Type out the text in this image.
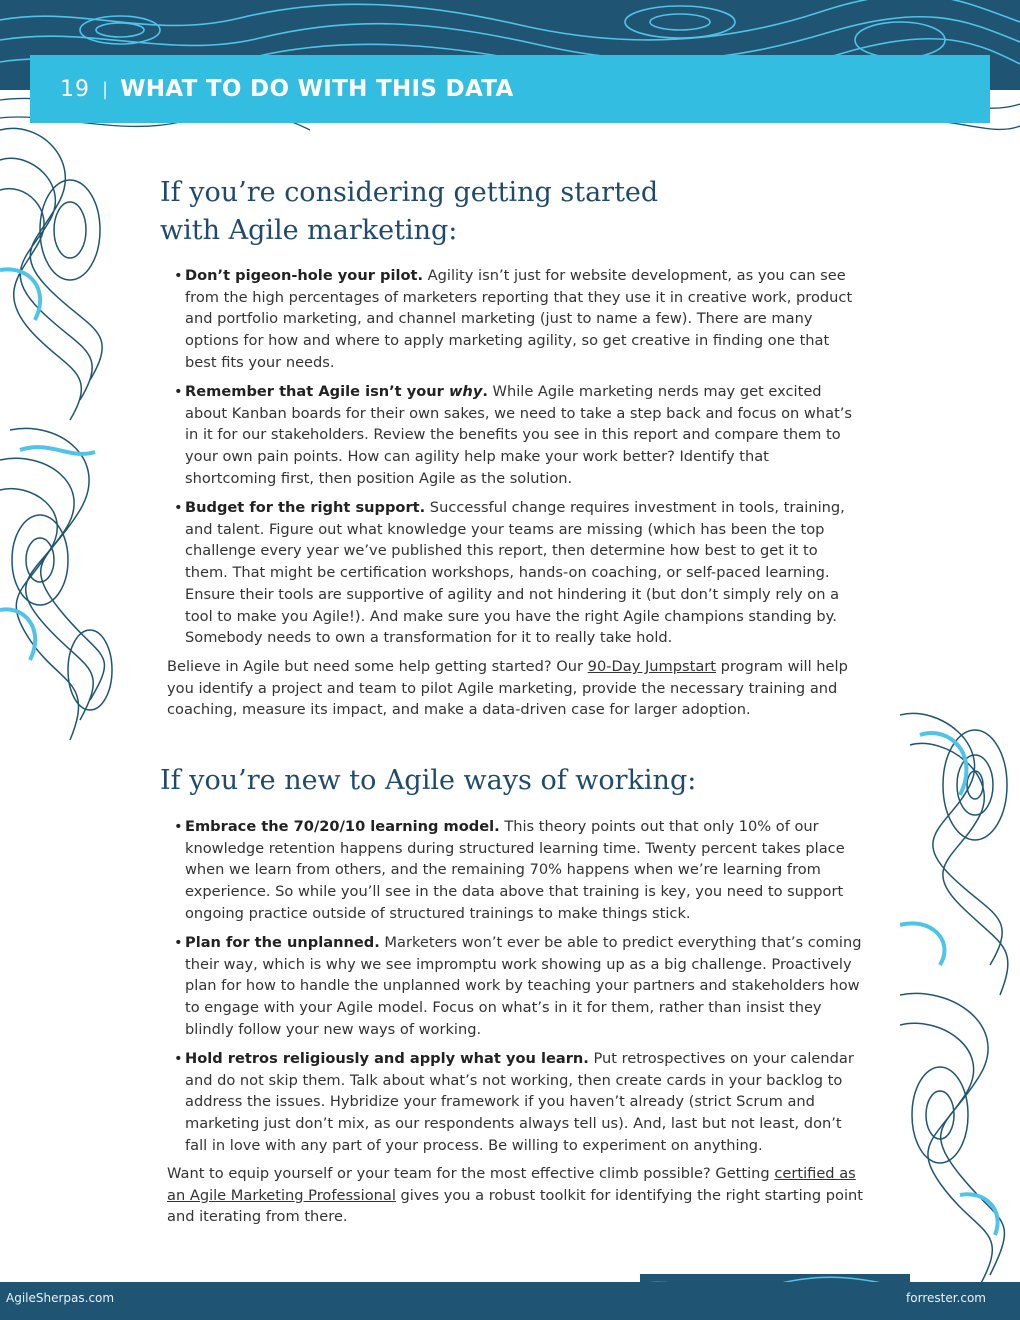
19 | WHAT TO DO WITH THIS DATA
If you’re considering getting started with Agile marketing:
• Don’t pigeon-hole your pilot. Agility isn’t just for website development, as you can see from the high percentages of marketers reporting that they use it in creative work, product and portfolio marketing, and channel marketing (just to name a few). There are many options for how and where to apply marketing agility, so get creative in finding one that best fits your needs.
• Remember that Agile isn’t your why. While Agile marketing nerds may get excited about Kanban boards for their own sakes, we need to take a step back and focus on what’s in it for our stakeholders. Review the benefits you see in this report and compare them to your own pain points. How can agility help make your work better? Identify that shortcoming first, then position Agile as the solution.
• Budget for the right support. Successful change requires investment in tools, training, and talent. Figure out what knowledge your teams are missing (which has been the top challenge every year we’ve published this report, then determine how best to get it to them. That might be certification workshops, hands-on coaching, or self-paced learning. Ensure their tools are supportive of agility and not hindering it (but don’t simply rely on a tool to make you Agile!). And make sure you have the right Agile champions standing by. Somebody needs to own a transformation for it to really take hold.

Believe in Agile but need some help getting started? Our 90-Day Jumpstart program will help you identify a project and team to pilot Agile marketing, provide the necessary training and coaching, measure its impact, and make a data-driven case for larger adoption.

If you’re new to Agile ways of working:
• Embrace the 70/20/10 learning model. This theory points out that only 10% of our knowledge retention happens during structured learning time. Twenty percent takes place when we learn from others, and the remaining 70% happens when we’re learning from experience. So while you’ll see in the data above that training is key, you need to support ongoing practice outside of structured trainings to make things stick.
• Plan for the unplanned. Marketers won’t ever be able to predict everything that’s coming their way, which is why we see impromptu work showing up as a big challenge. Proactively plan for how to handle the unplanned work by teaching your partners and stakeholders how to engage with your Agile model. Focus on what’s in it for them, rather than insist they blindly follow your new ways of working.
• Hold retros religiously and apply what you learn. Put retrospectives on your calendar and do not skip them. Talk about what’s not working, then create cards in your backlog to address the issues. Hybridize your framework if you haven’t already (strict Scrum and marketing just don’t mix, as our respondents always tell us). And, last but not least, don’t fall in love with any part of your process. Be willing to experiment on anything.

Want to equip yourself or your team for the most effective climb possible? Getting certified as an Agile Marketing Professional gives you a robust toolkit for identifying the right starting point and iterating from there.

AgileSherpas.com	forrester.com
